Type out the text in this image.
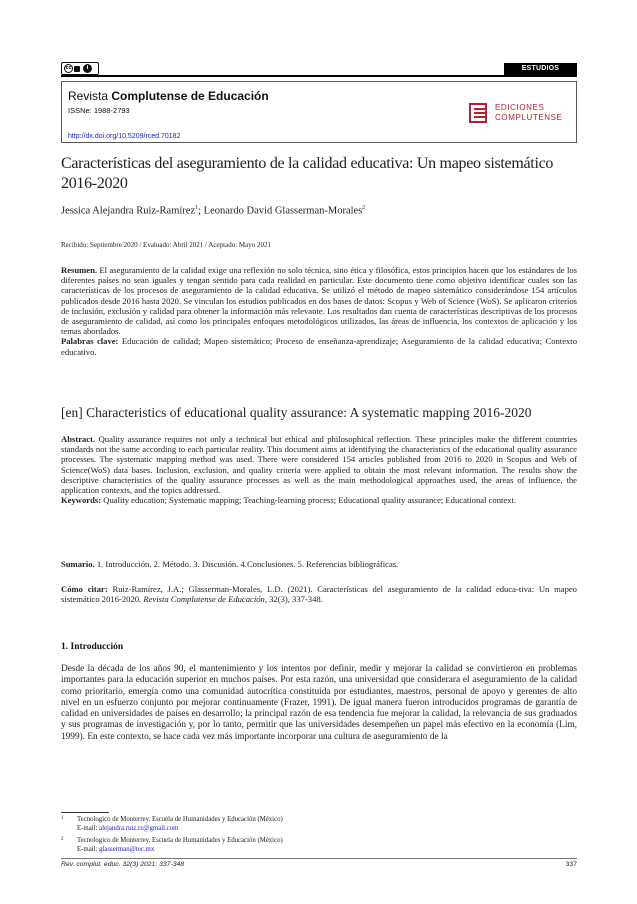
cc	i	ESTUDIOS
Revista Complutense de Educación
ISSNe: 1988-2793
http://dx.doi.org/10.5209/rced.70182
EDICIONES
COMPLUTENSE
Características del aseguramiento de la calidad educativa: Un mapeo sistemático 2016-2020
Jessica Alejandra Ruiz-Ramírez$^1$; Leonardo David Glasserman-Morales$^2$
Recibido: Septiembre 2020 / Evaluado: Abril 2021 / Aceptado: Mayo 2021
Resumen. El aseguramiento de la calidad exige una reflexión no solo técnica, sino ética y filosófica, estos principios hacen que los estándares de los diferentes países no sean iguales y tengan sentido para cada realidad en particular. Este documento tiene como objetivo identificar cuales son las características de los procesos de aseguramiento de la calidad educativa. Se utilizó el método de mapeo sistemático considerándose 154 artículos publicados desde 2016 hasta 2020. Se vinculan los estudios publicados en dos bases de datos: Scopus y Web of Science (WoS). Se aplicaron criterios de inclusión, exclusión y calidad para obtener la información más relevante. Los resultados dan cuenta de características descriptivas de los procesos de aseguramiento de calidad, así como los principales enfoques metodológicos utilizados, las áreas de influencia, los contextos de aplicación y los temas abordados.
Palabras clave: Educación de calidad; Mapeo sistemático; Proceso de enseñanza-aprendizaje; Aseguramiento de la calidad educativa; Contexto educativo.
[en] Characteristics of educational quality assurance: A systematic mapping 2016-2020
Abstract. Quality assurance requires not only a technical but ethical and philosophical reflection. These principles make the different countries standards not the same according to each particular reality. This document aims at identifying the characteristics of the educational quality assurance processes. The systematic mapping method was used. There were considered 154 articles published from 2016 to 2020 in Scopus and Web of Science(WoS) data bases. Inclusion, exclusion, and quality criteria were applied to obtain the most relevant information. The results show the descriptive characteristics of the quality assurance processes as well as the main methodological approaches used, the areas of influence, the application contexts, and the topics addressed.
Keywords: Quality education; Systematic mapping; Teaching-learning process; Educational quality assurance; Educational context.
Sumario. 1. Introducción. 2. Método. 3. Discusión. 4.Conclusiones. 5. Referencias bibliográficas.
Cómo citar: Ruiz-Ramírez, J.A.; Glasserman-Morales, L.D. (2021). Características del aseguramiento de la calidad educa-tiva: Un mapeo sistemático 2016-2020. Revista Complutense de Educación, 32(3), 337-348.
1. Introducción
Desde la década de los años 90, el mantenimiento y los intentos por definir, medir y mejorar la calidad se convirtieron en problemas importantes para la educación superior en muchos países. Por esta razón, una universidad que considerara el aseguramiento de la calidad como prioritario, emergía como una comunidad autocrítica constituida por estudiantes, maestros, personal de apoyo y gerentes de alto nivel en un esfuerzo conjunto por mejorar continuamente (Frazer, 1991). De igual manera fueron introducidos programas de garantía de calidad en universidades de países en desarrollo; la principal razón de esa tendencia fue mejorar la calidad, la relevancia de sus graduados y sus programas de investigación y, por lo tanto, permitir que las universidades desempeñen un papel más efectivo en la economía (Lim, 1999). En este contexto, se hace cada vez más importante incorporar una cultura de aseguramiento de la
1 Tecnologico de Monterrey, Escuela de Humanidades y Educación (México)
E-mail: alejandra.ruiz.rz@gmail.com
2 Tecnologico de Monterrey, Escuela de Humanidades y Educación (México)
E-mail: glasserman@tec.mx
Rev. complut. educ. 32(3) 2021: 337-348	337
